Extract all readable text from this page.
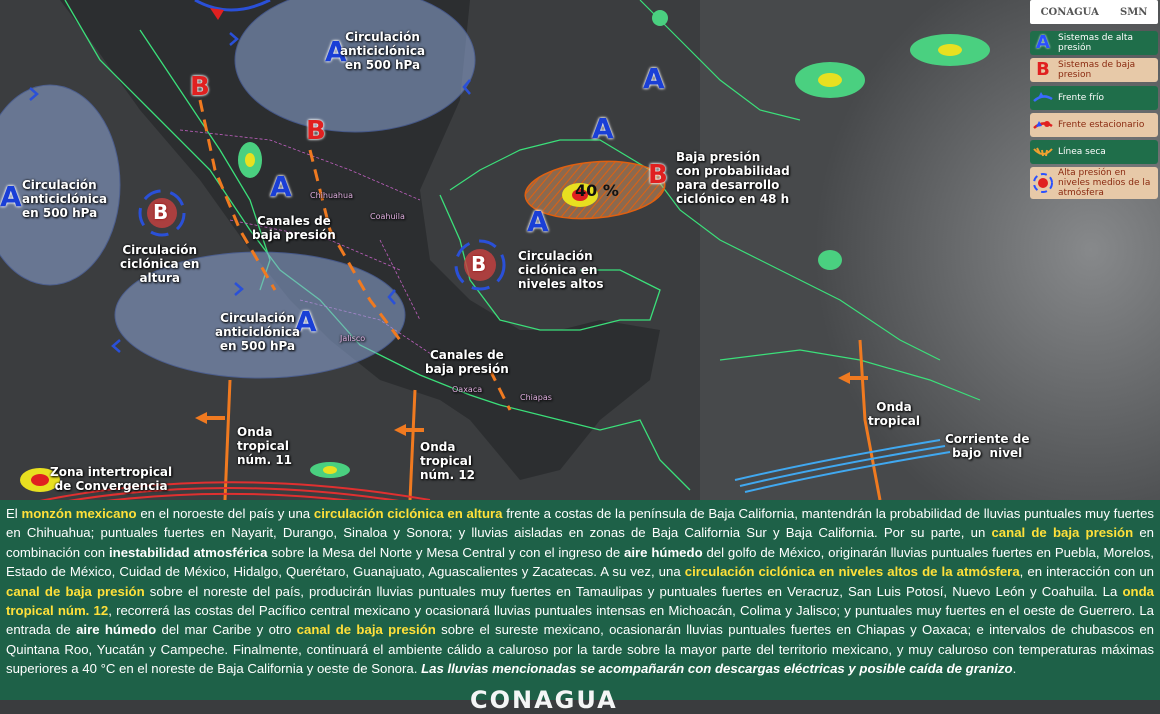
A
A	A
A
A
A
A
B
B
B
B
B
40 %
Circulación
anticiclónica
en 500 hPa
Circulación
anticiclónica
en 500 hPa
Circulación
anticiclónica
en 500 hPa
Circulación
ciclónica en
altura
Circulación
ciclónica en
niveles altos
Canales de
baja presión
Canales de
baja presión
Baja presión
con probabilidad
para desarrollo
ciclónico en 48 h
Onda
tropical
núm. 11
Onda
tropical
núm. 12
Onda
tropical
Corriente de
bajo  nivel
Zona intertropical
de Convergencia
Chihuahua
Coahuila
Jalisco
Oaxaca
Chiapas
CONAGUA SMN
A Sistemas de alta presión
B Sistemas de baja presion
Frente frío
Frente estacionario
Línea seca
Alta presión en niveles medios de la atmósfera
El monzón mexicano en el noroeste del país y una circulación ciclónica en altura frente a costas de la península de Baja California, mantendrán la probabilidad de lluvias puntuales muy fuertes en Chihuahua; puntuales fuertes en Nayarit, Durango, Sinaloa y Sonora; y lluvias aisladas en zonas de Baja California Sur y Baja California. Por su parte, un canal de baja presión en combinación con inestabilidad atmosférica sobre la Mesa del Norte y Mesa Central y con el ingreso de aire húmedo del golfo de México, originarán lluvias puntuales fuertes en Puebla, Morelos, Estado de México, Cuidad de México, Hidalgo, Querétaro, Guanajuato, Aguascalientes y Zacatecas. A su vez, una circulación ciclónica en niveles altos de la atmósfera, en interacción con un canal de baja presión sobre el noreste del país, producirán lluvias puntuales muy fuertes en Tamaulipas y puntuales fuertes en Veracruz, San Luis Potosí, Nuevo León y Coahuila. La onda tropical núm. 12, recorrerá las costas del Pacífico central mexicano y ocasionará lluvias puntuales intensas en Michoacán, Colima y Jalisco; y puntuales muy fuertes en el oeste de Guerrero. La entrada de aire húmedo del mar Caribe y otro canal de baja presión sobre el sureste mexicano, ocasionarán lluvias puntuales fuertes en Chiapas y Oaxaca; e intervalos de chubascos en Quintana Roo, Yucatán y Campeche. Finalmente, continuará el ambiente cálido a caluroso por la tarde sobre la mayor parte del territorio mexicano, y muy caluroso con temperaturas máximas superiores a 40 °C en el noreste de Baja California y oeste de Sonora. Las lluvias mencionadas se acompañarán con descargas eléctricas y posible caída de granizo.
CONAGUA
